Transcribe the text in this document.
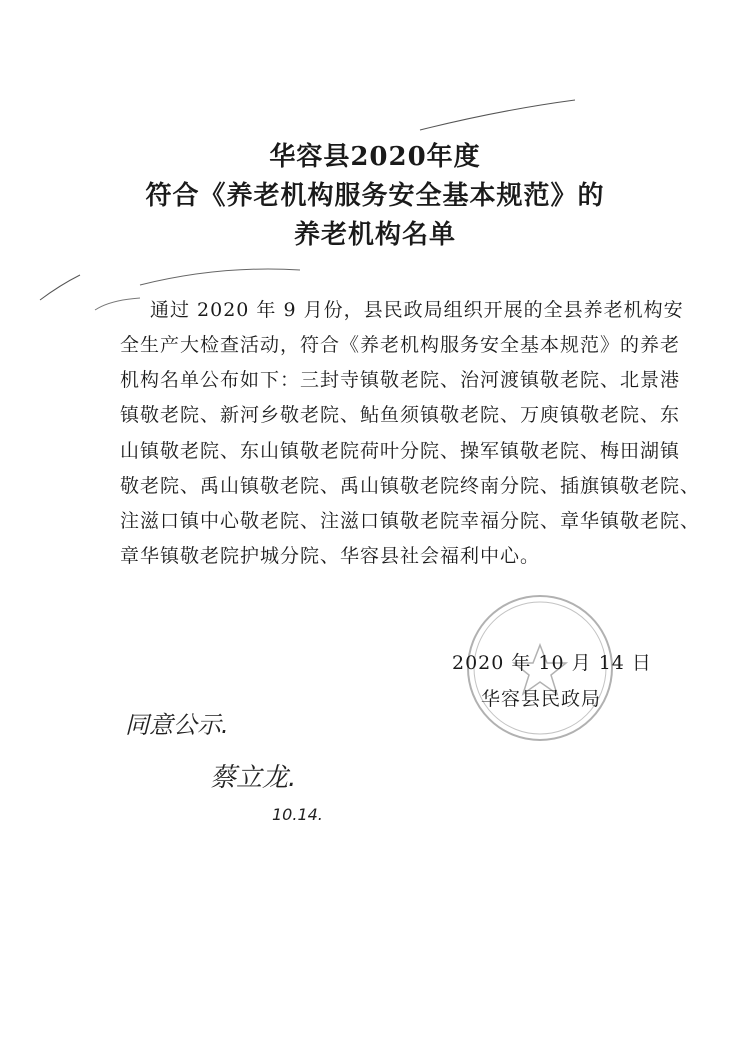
华容县2020年度
符合《养老机构服务安全基本规范》的
养老机构名单
通过 2020 年 9 月份，县民政局组织开展的全县养老机构安
全生产大检查活动，符合《养老机构服务安全基本规范》的养老
机构名单公布如下：三封寺镇敬老院、治河渡镇敬老院、北景港
镇敬老院、新河乡敬老院、鲇鱼须镇敬老院、万庾镇敬老院、东
山镇敬老院、东山镇敬老院荷叶分院、操军镇敬老院、梅田湖镇
敬老院、禹山镇敬老院、禹山镇敬老院终南分院、插旗镇敬老院、
注滋口镇中心敬老院、注滋口镇敬老院幸福分院、章华镇敬老院、
章华镇敬老院护城分院、华容县社会福利中心。
2020 年 10 月 14 日
华容县民政局
同意公示.
蔡立龙.
10.14.
